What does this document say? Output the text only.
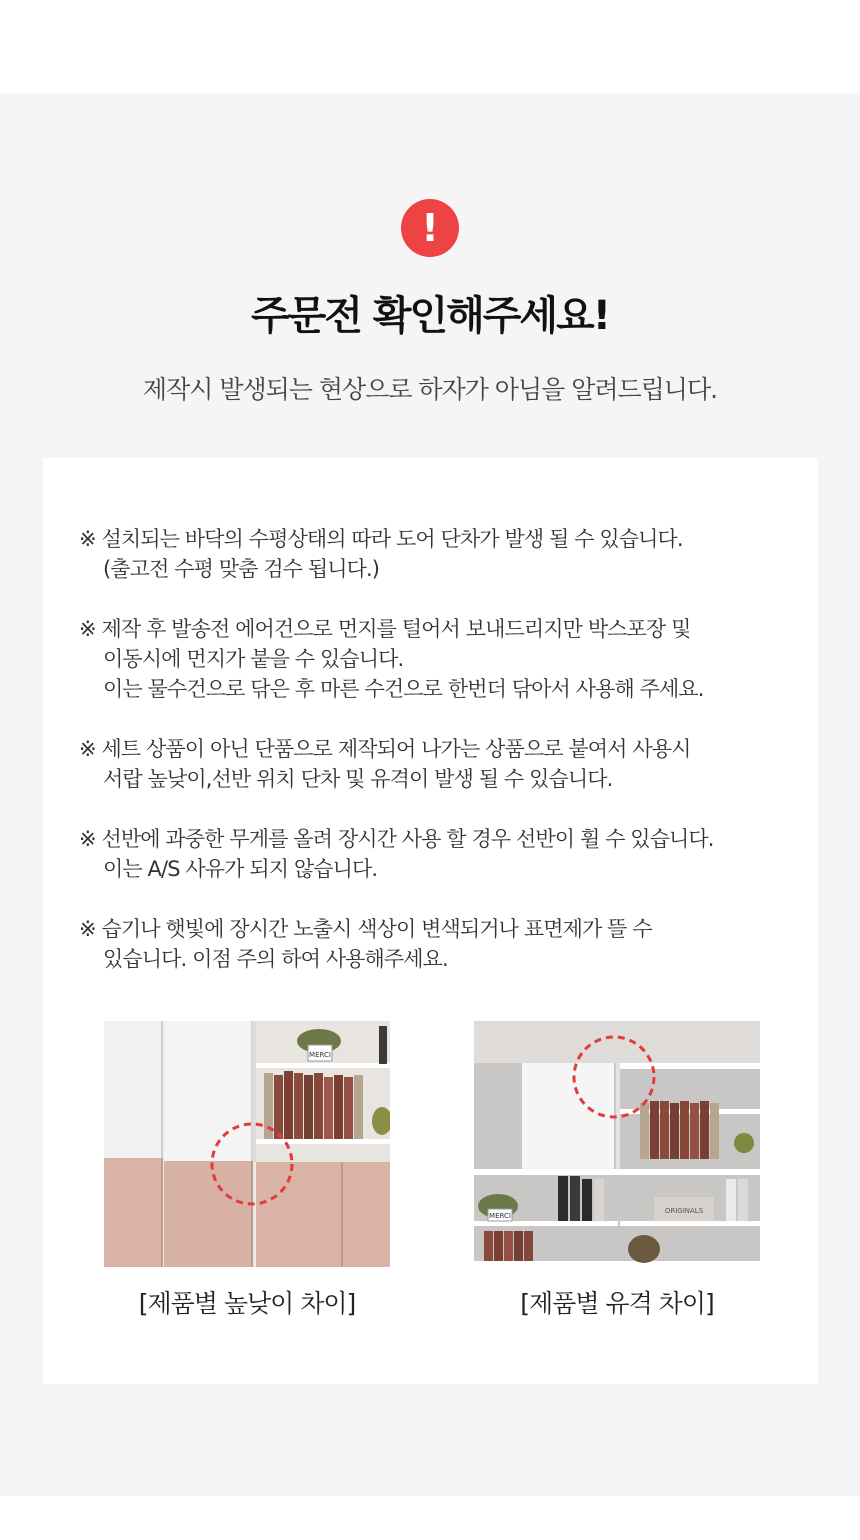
!
주문전 확인해주세요!
제작시 발생되는 현상으로 하자가 아님을 알려드립니다.
※ 설치되는 바닥의 수평상태의 따라 도어 단차가 발생 될 수 있습니다.
(출고전 수평 맞춤 검수 됩니다.)
※ 제작 후 발송전 에어건으로 먼지를 털어서 보내드리지만 박스포장 및
이동시에 먼지가 붙을 수 있습니다.
이는 물수건으로 닦은 후 마른 수건으로 한번더 닦아서 사용해 주세요.
※ 세트 상품이 아닌 단품으로 제작되어 나가는 상품으로 붙여서 사용시
서랍 높낮이,선반 위치 단차 및 유격이 발생 될 수 있습니다.
※ 선반에 과중한 무게를 올려 장시간 사용 할 경우 선반이 휠 수 있습니다.
이는 A/S 사유가 되지 않습니다.
※ 습기나 햇빛에 장시간 노출시 색상이 변색되거나 표면제가 뜰 수
있습니다. 이점 주의 하여 사용해주세요.
MERCI
[제품별 높낮이 차이]
ORIGINALS
MERCI
[제품별 유격 차이]
